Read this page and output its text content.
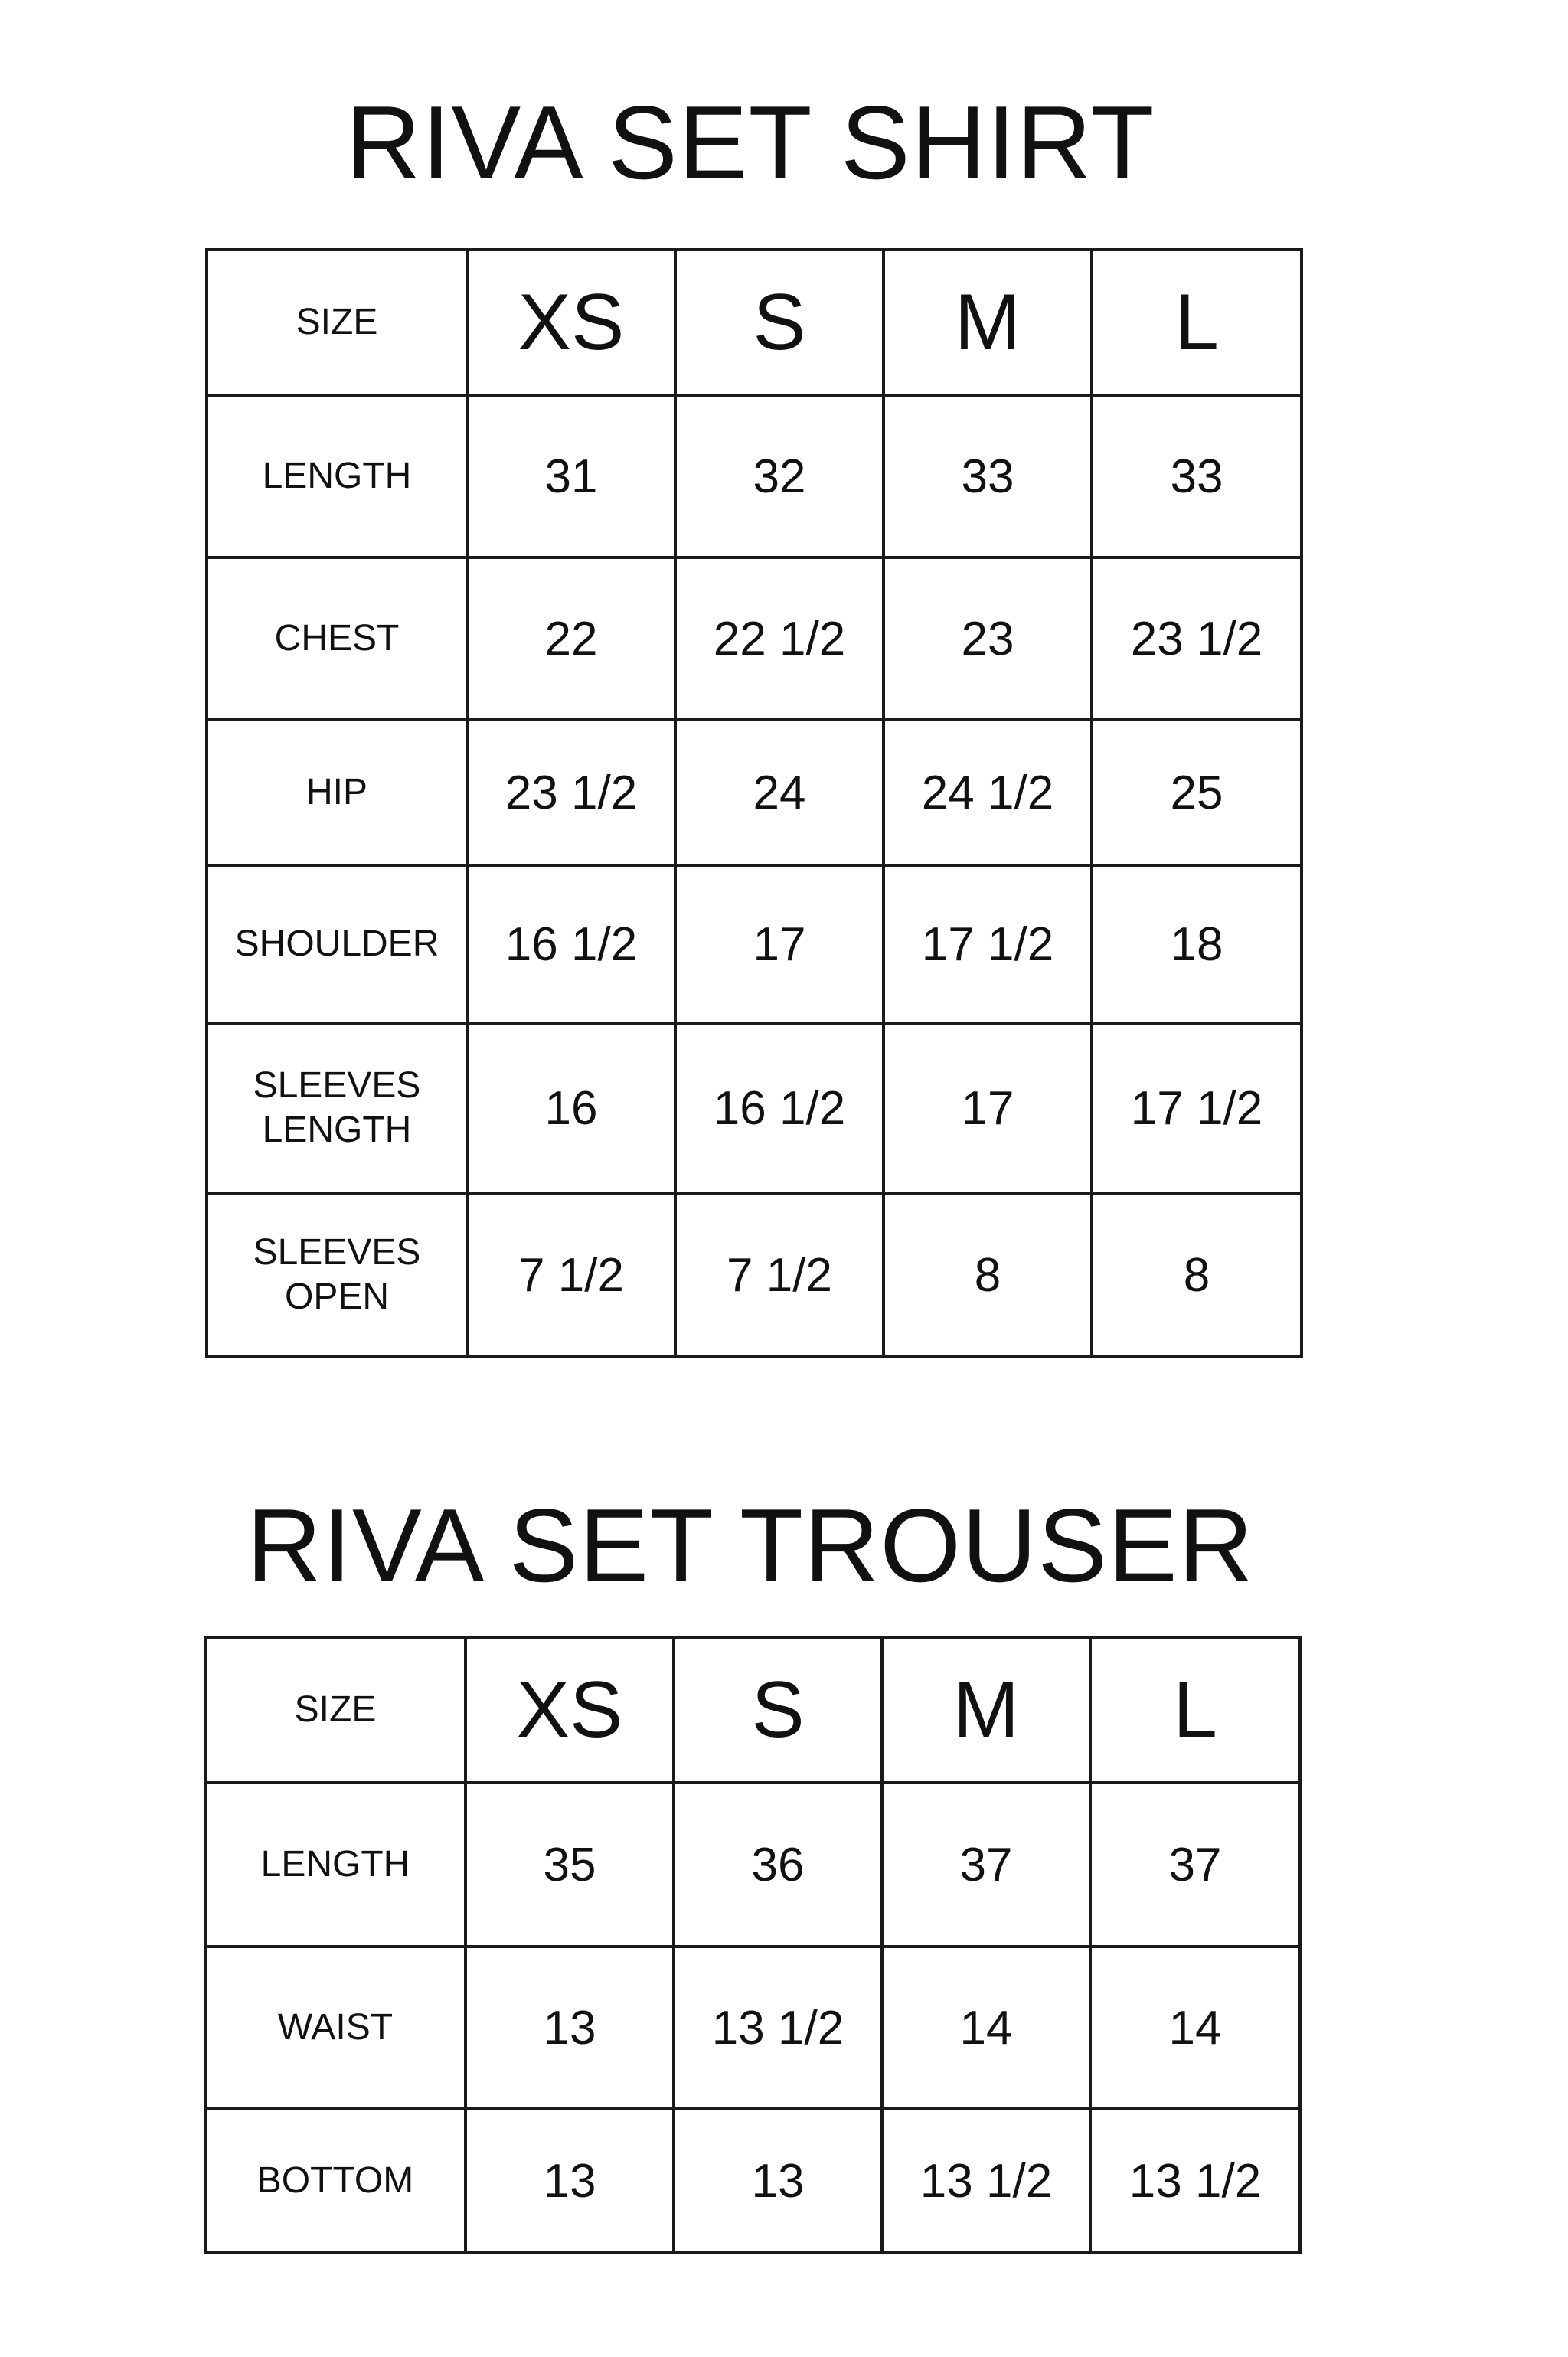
RIVA SET SHIRT
SIZE	XS	S	M	L
LENGTH	31	32	33	33
CHEST	22	22 1/2	23	23 1/2
HIP	23 1/2	24	24 1/2	25
SHOULDER	16 1/2	17	17 1/2	18
SLEEVES
LENGTH	16	16 1/2	17	17 1/2
SLEEVES
OPEN	7 1/2	7 1/2	8	8
RIVA SET TROUSER
SIZE	XS	S	M	L
LENGTH	35	36	37	37
WAIST	13	13 1/2	14	14
BOTTOM	13	13	13 1/2	13 1/2
